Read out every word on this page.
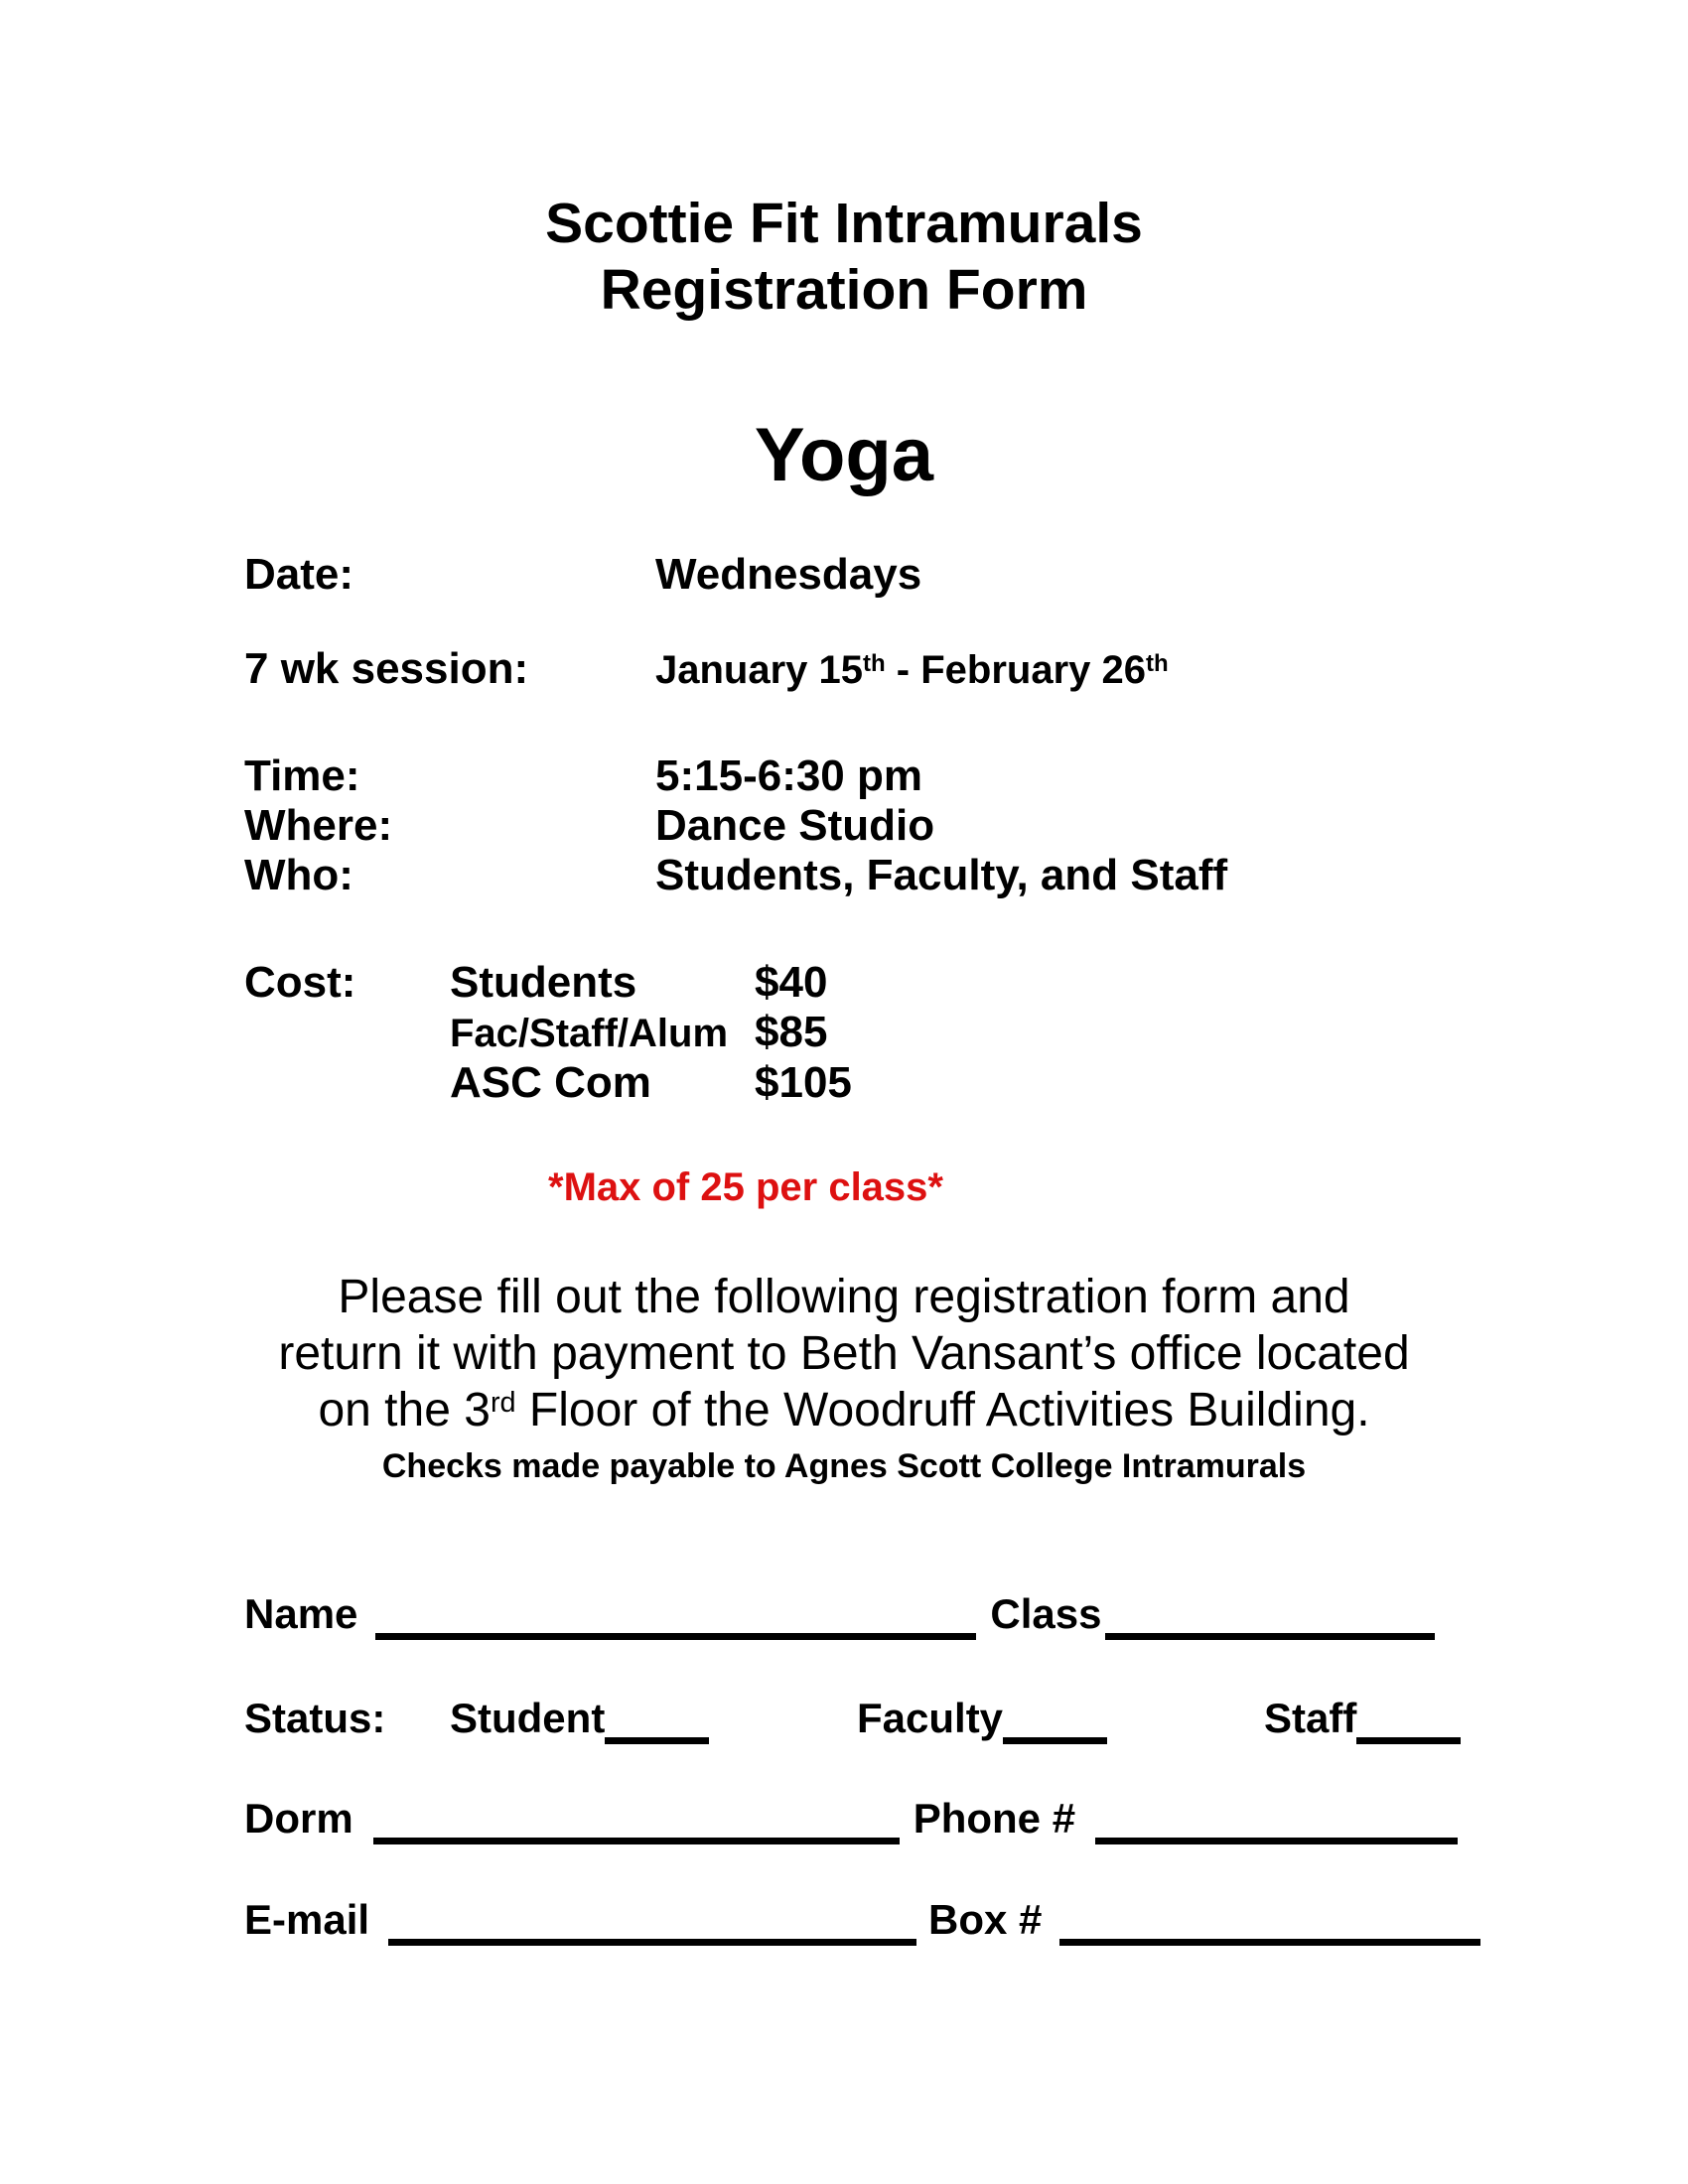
Scottie Fit Intramurals
Registration Form
Yoga
Date:	Wednesdays
7 wk session:	January 15th - February 26th
Time:	5:15-6:30 pm
Where:	Dance Studio
Who:	Students, Faculty, and Staff
Cost: Students	$40
Fac/Staff/Alum $85
ASC Com $105
*Max of 25 per class*
Please fill out the following registration form and
return it with payment to Beth Vansant’s office located
on the 3rd Floor of the Woodruff Activities Building.
Checks made payable to Agnes Scott College Intramurals
Name	Class
Status: Student	Faculty	Staff
Dorm	Phone #
E-mail	Box #
